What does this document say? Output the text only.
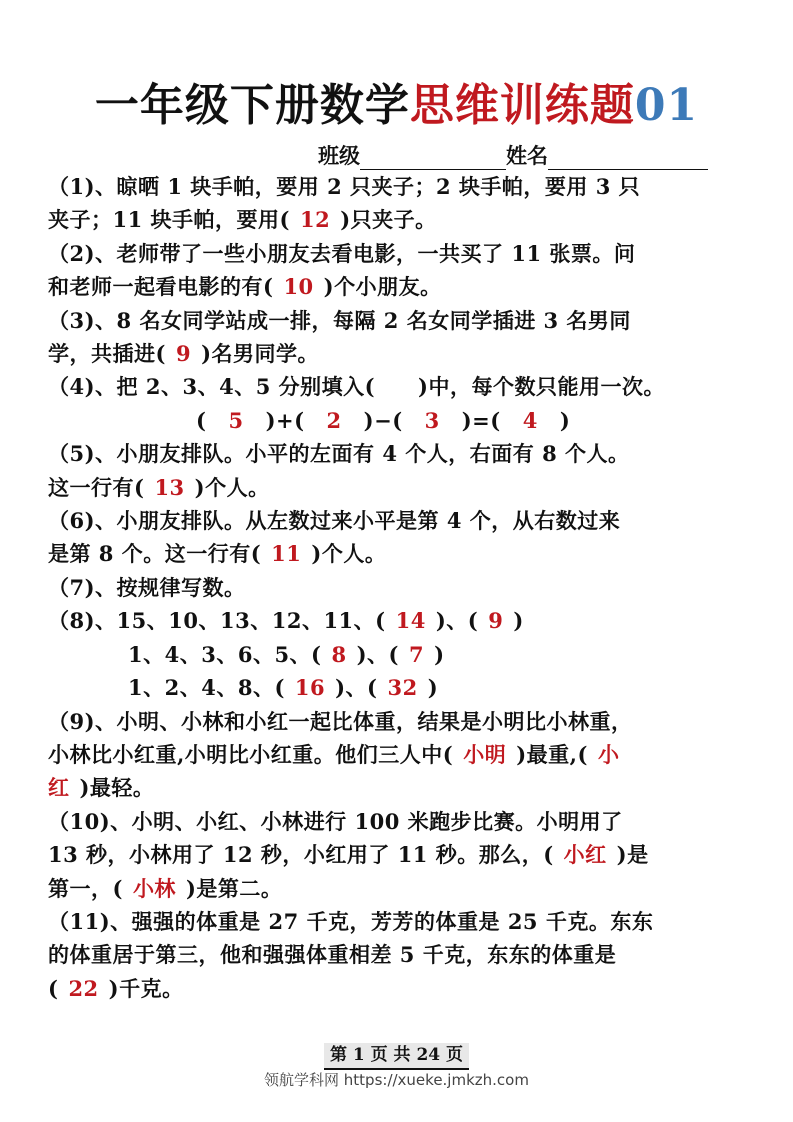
一年级下册数学思维训练题01
班级	姓名
（1)、晾晒 1 块手帕，要用 2 只夹子；2 块手帕，要用 3 只
夹子；11 块手帕，要用( 12 )只夹子。
（2)、老师带了一些小朋友去看电影，一共买了 11 张票。问
和老师一起看电影的有( 10 )个小朋友。
（3)、8 名女同学站成一排，每隔 2 名女同学插进 3 名男同
学，共插进( 9 )名男同学。
（4)、把 2、3、4、5 分别填入(　　)中，每个数只能用一次。
( 5 )+( 2 )−( 3 )=( 4 )
（5)、小朋友排队。小平的左面有 4 个人，右面有 8 个人。
这一行有( 13 )个人。
（6)、小朋友排队。从左数过来小平是第 4 个，从右数过来
是第 8 个。这一行有( 11 )个人。
（7)、按规律写数。
（8)、15、10、13、12、11、( 14 )、( 9 )
1、4、3、6、5、( 8 )、( 7 )
1、2、4、8、( 16 )、( 32 )
（9)、小明、小林和小红一起比体重，结果是小明比小林重，
小林比小红重,小明比小红重。他们三人中( 小明 )最重,( 小
红 )最轻。
（10)、小明、小红、小林进行 100 米跑步比赛。小明用了
13 秒，小林用了 12 秒，小红用了 11 秒。那么，( 小红 )是
第一，( 小林 )是第二。
（11)、强强的体重是 27 千克，芳芳的体重是 25 千克。东东
的体重居于第三，他和强强体重相差 5 千克，东东的体重是
( 22 )千克。
第 1 页 共 24 页
领航学科网 https://xueke.jmkzh.com
